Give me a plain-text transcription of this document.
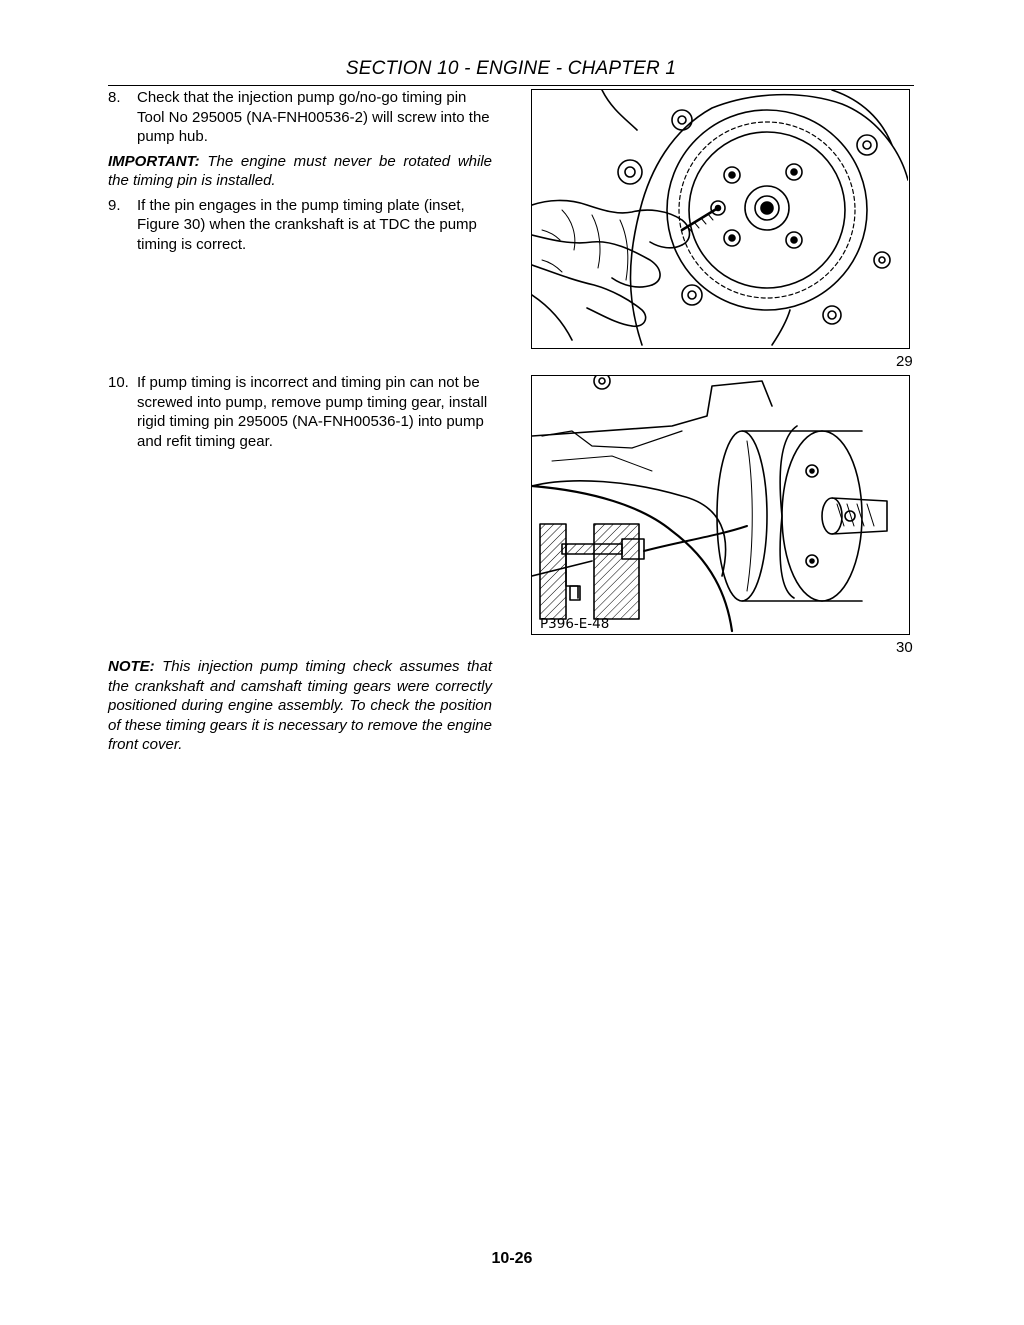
SECTION 10 - ENGINE - CHAPTER 1
8. Check that the injection pump go/no-go timing pin Tool No 295005 (NA-FNH00536-2) will screw into the pump hub.
IMPORTANT: The engine must never be rotated while the timing pin is installed.
9. If the pin engages in the pump timing plate (inset, Figure 30) when the crankshaft is at TDC the pump timing is correct.
10. If pump timing is incorrect and timing pin can not be screwed into pump, remove pump timing gear, install rigid timing pin 295005 (NA-FNH00536-1) into pump and refit timing gear.
NOTE: This injection pump timing check assumes that the crankshaft and camshaft timing gears were correctly positioned during engine assembly. To check the position of these timing gears it is necessary to remove the engine front cover.
29
P396-E-48
30
10-26
